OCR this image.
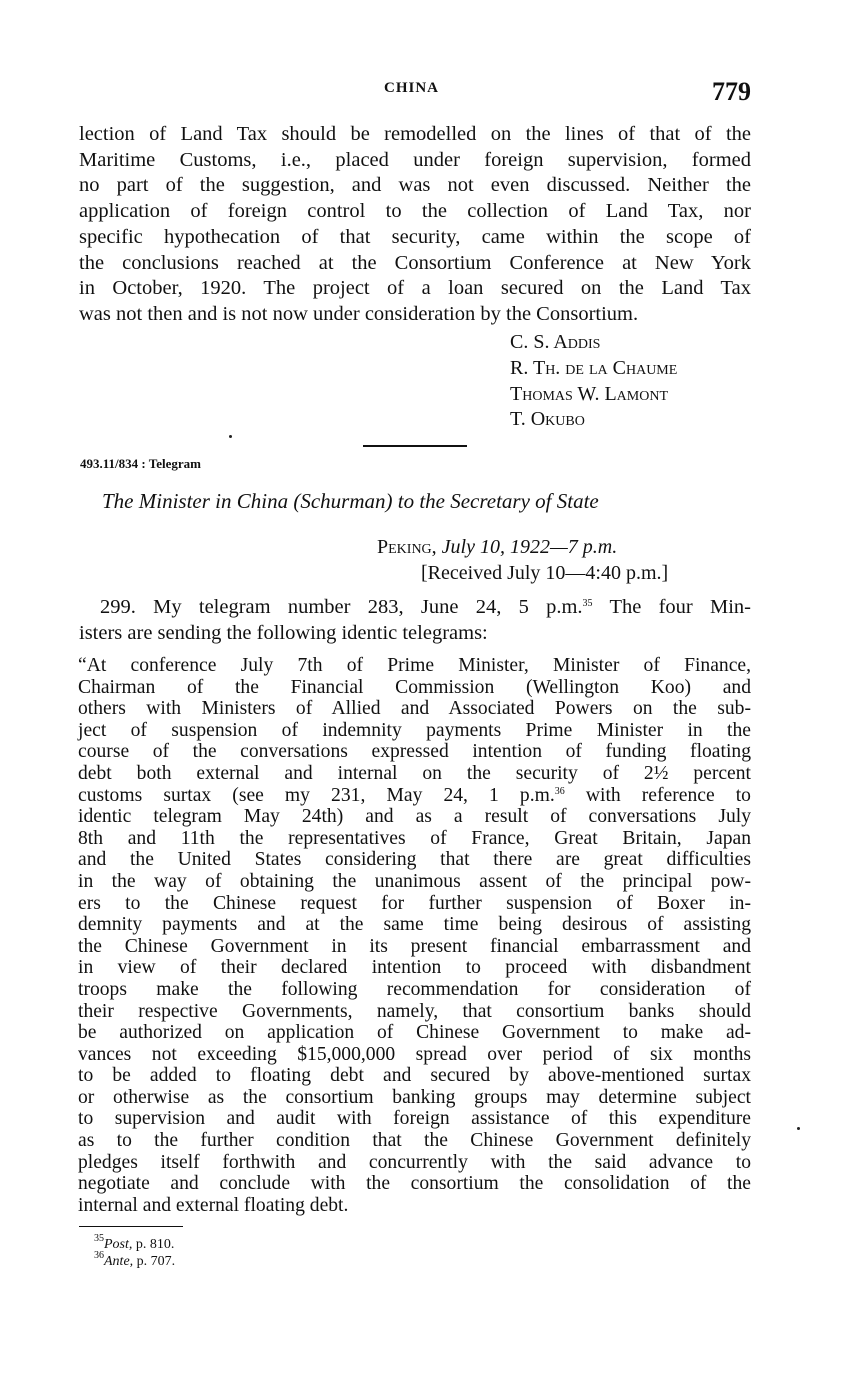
CHINA	779
lection of Land Tax should be remodelled on the lines of that of the
Maritime Customs, i.e., placed under foreign supervision, formed
no part of the suggestion, and was not even discussed. Neither the
application of foreign control to the collection of Land Tax, nor
specific hypothecation of that security, came within the scope of
the conclusions reached at the Consortium Conference at New York
in October, 1920. The project of a loan secured on the Land Tax
was not then and is not now under consideration by the Consortium.
C. S. Addis
R. Th. de la Chaume
Thomas W. Lamont
T. Okubo
493.11/834 : Telegram
The Minister in China (Schurman) to the Secretary of State
Peking, July 10, 1922—7 p.m.
[Received July 10—4:40 p.m.]
299. My telegram number 283, June 24, 5 p.m.$^{35}$ The four Min-
isters are sending the following identic telegrams:
“At conference July 7th of Prime Minister, Minister of Finance,
Chairman of the Financial Commission (Wellington Koo) and
others with Ministers of Allied and Associated Powers on the sub-
ject of suspension of indemnity payments Prime Minister in the
course of the conversations expressed intention of funding floating
debt both external and internal on the security of 2½ percent
customs surtax (see my 231, May 24, 1 p.m.$^{36}$ with reference to
identic telegram May 24th) and as a result of conversations July
8th and 11th the representatives of France, Great Britain, Japan
and the United States considering that there are great difficulties
in the way of obtaining the unanimous assent of the principal pow-
ers to the Chinese request for further suspension of Boxer in-
demnity payments and at the same time being desirous of assisting
the Chinese Government in its present financial embarrassment and
in view of their declared intention to proceed with disbandment
troops make the following recommendation for consideration of
their respective Governments, namely, that consortium banks should
be authorized on application of Chinese Government to make ad-
vances not exceeding $15,000,000 spread over period of six months
to be added to floating debt and secured by above-mentioned surtax
or otherwise as the consortium banking groups may determine subject
to supervision and audit with foreign assistance of this expenditure
as to the further condition that the Chinese Government definitely
pledges itself forthwith and concurrently with the said advance to
negotiate and conclude with the consortium the consolidation of the
internal and external floating debt.
$^{35}$Post, p. 810.
$^{36}$Ante, p. 707.
